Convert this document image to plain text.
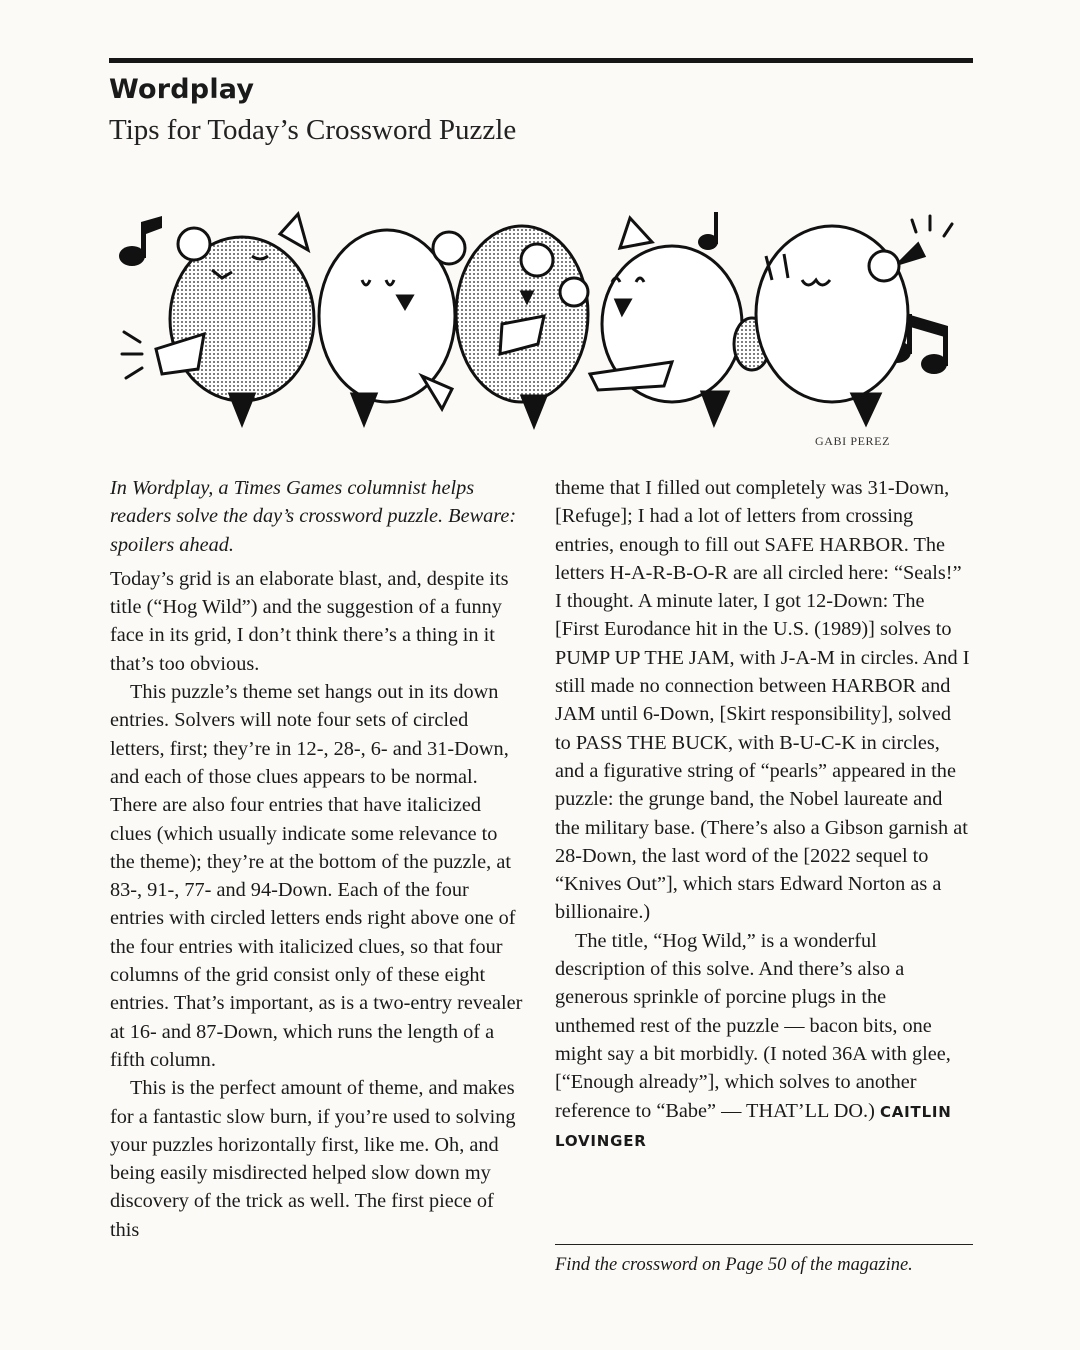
Wordplay
Tips for Today’s Crossword Puzzle
GABI PEREZ

In Wordplay, a Times Games columnist helps readers solve the day’s crossword puzzle. Beware: spoilers ahead.

Today’s grid is an elaborate blast, and, despite its title (“Hog Wild”) and the suggestion of a funny face in its grid, I don’t think there’s a thing in it that’s too obvious.

This puzzle’s theme set hangs out in its down entries. Solvers will note four sets of circled letters, first; they’re in 12-, 28-, 6- and 31-Down, and each of those clues appears to be normal. There are also four entries that have italicized clues (which usually indicate some relevance to the theme); they’re at the bottom of the puzzle, at 83-, 91-, 77- and 94-Down. Each of the four entries with circled letters ends right above one of the four entries with italicized clues, so that four columns of the grid consist only of these eight entries. That’s important, as is a two-entry revealer at 16- and 87-Down, which runs the length of a fifth column.

This is the perfect amount of theme, and makes for a fantastic slow burn, if you’re used to solving your puzzles horizontally first, like me. Oh, and being easily misdirected helped slow down my discovery of the trick as well. The first piece of this

theme that I filled out completely was 31-Down, [Refuge]; I had a lot of letters from crossing entries, enough to fill out SAFE HARBOR. The letters H-A-R-B-O-R are all circled here: “Seals!” I thought. A minute later, I got 12-Down: The [First Eurodance hit in the U.S. (1989)] solves to PUMP UP THE JAM, with J-A-M in circles. And I still made no connection between HARBOR and JAM until 6-Down, [Skirt responsibility], solved to PASS THE BUCK, with B-U-C-K in circles, and a figurative string of “pearls” appeared in the puzzle: the grunge band, the Nobel laureate and the military base. (There’s also a Gibson garnish at 28-Down, the last word of the [2022 sequel to “Knives Out”], which stars Edward Norton as a billionaire.)

The title, “Hog Wild,” is a wonderful description of this solve. And there’s also a generous sprinkle of porcine plugs in the unthemed rest of the puzzle — bacon bits, one might say a bit morbidly. (I noted 36A with glee, [“Enough already”], which solves to another reference to “Babe” — THAT’LL DO.) CAITLIN LOVINGER

Find the crossword on Page 50 of the magazine.
